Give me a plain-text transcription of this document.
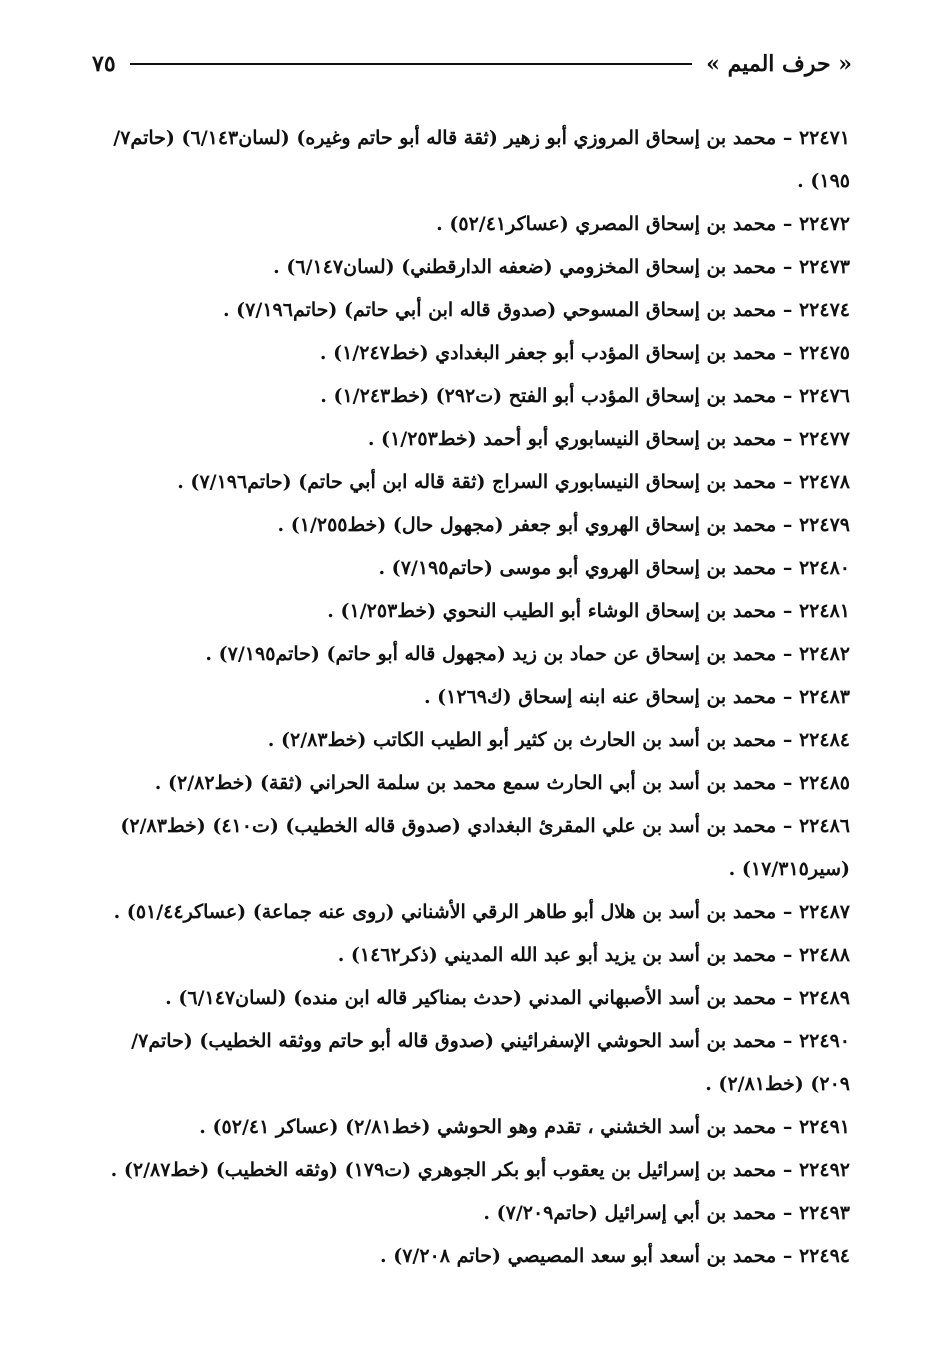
« حرف الميم »
٧٥
٢٢٤٧١ – محمد بن إسحاق المروزي أبو زهير (ثقة قاله أبو حاتم وغيره) (لسان٦/١٤٣) (حاتم٧/ ١٩٥) .
٢٢٤٧٢ – محمد بن إسحاق المصري (عساكر٥٢/٤١) .
٢٢٤٧٣ – محمد بن إسحاق المخزومي (ضعفه الدارقطني) (لسان٦/١٤٧) .
٢٢٤٧٤ – محمد بن إسحاق المسوحي (صدوق قاله ابن أبي حاتم) (حاتم٧/١٩٦) .
٢٢٤٧٥ – محمد بن إسحاق المؤدب أبو جعفر البغدادي (خط١/٢٤٧) .
٢٢٤٧٦ – محمد بن إسحاق المؤدب أبو الفتح (ت٢٩٢) (خط١/٢٤٣) .
٢٢٤٧٧ – محمد بن إسحاق النيسابوري أبو أحمد (خط١/٢٥٣) .
٢٢٤٧٨ – محمد بن إسحاق النيسابوري السراج (ثقة قاله ابن أبي حاتم) (حاتم٧/١٩٦) .
٢٢٤٧٩ – محمد بن إسحاق الهروي أبو جعفر (مجهول حال) (خط١/٢٥٥) .
٢٢٤٨٠ – محمد بن إسحاق الهروي أبو موسى (حاتم٧/١٩٥) .
٢٢٤٨١ – محمد بن إسحاق الوشاء أبو الطيب النحوي (خط١/٢٥٣) .
٢٢٤٨٢ – محمد بن إسحاق عن حماد بن زيد (مجهول قاله أبو حاتم) (حاتم٧/١٩٥) .
٢٢٤٨٣ – محمد بن إسحاق عنه ابنه إسحاق (ك١٢٦٩) .
٢٢٤٨٤ – محمد بن أسد بن الحارث بن كثير أبو الطيب الكاتب (خط٢/٨٣) .
٢٢٤٨٥ – محمد بن أسد بن أبي الحارث سمع محمد بن سلمة الحراني (ثقة) (خط٢/٨٢) .
٢٢٤٨٦ – محمد بن أسد بن علي المقرئ البغدادي (صدوق قاله الخطيب) (ت٤١٠) (خط٢/٨٣) (سير١٧/٣١٥) .
٢٢٤٨٧ – محمد بن أسد بن هلال أبو طاهر الرقي الأشناني (روى عنه جماعة) (عساكر٥١/٤٤) .
٢٢٤٨٨ – محمد بن أسد بن يزيد أبو عبد الله المديني (ذكر١٤٦٢) .
٢٢٤٨٩ – محمد بن أسد الأصبهاني المدني (حدث بمناكير قاله ابن منده) (لسان٦/١٤٧) .
٢٢٤٩٠ – محمد بن أسد الحوشي الإسفرائيني (صدوق قاله أبو حاتم ووثقه الخطيب) (حاتم٧/ ٢٠٩) (خط٢/٨١) .
٢٢٤٩١ – محمد بن أسد الخشني ، تقدم وهو الحوشي (خط٢/٨١) (عساكر ٥٢/٤١) .
٢٢٤٩٢ – محمد بن إسرائيل بن يعقوب أبو بكر الجوهري (ت١٧٩) (وثقه الخطيب) (خط٢/٨٧) .
٢٢٤٩٣ – محمد بن أبي إسرائيل (حاتم٧/٢٠٩) .
٢٢٤٩٤ – محمد بن أسعد أبو سعد المصيصي (حاتم ٧/٢٠٨) .
